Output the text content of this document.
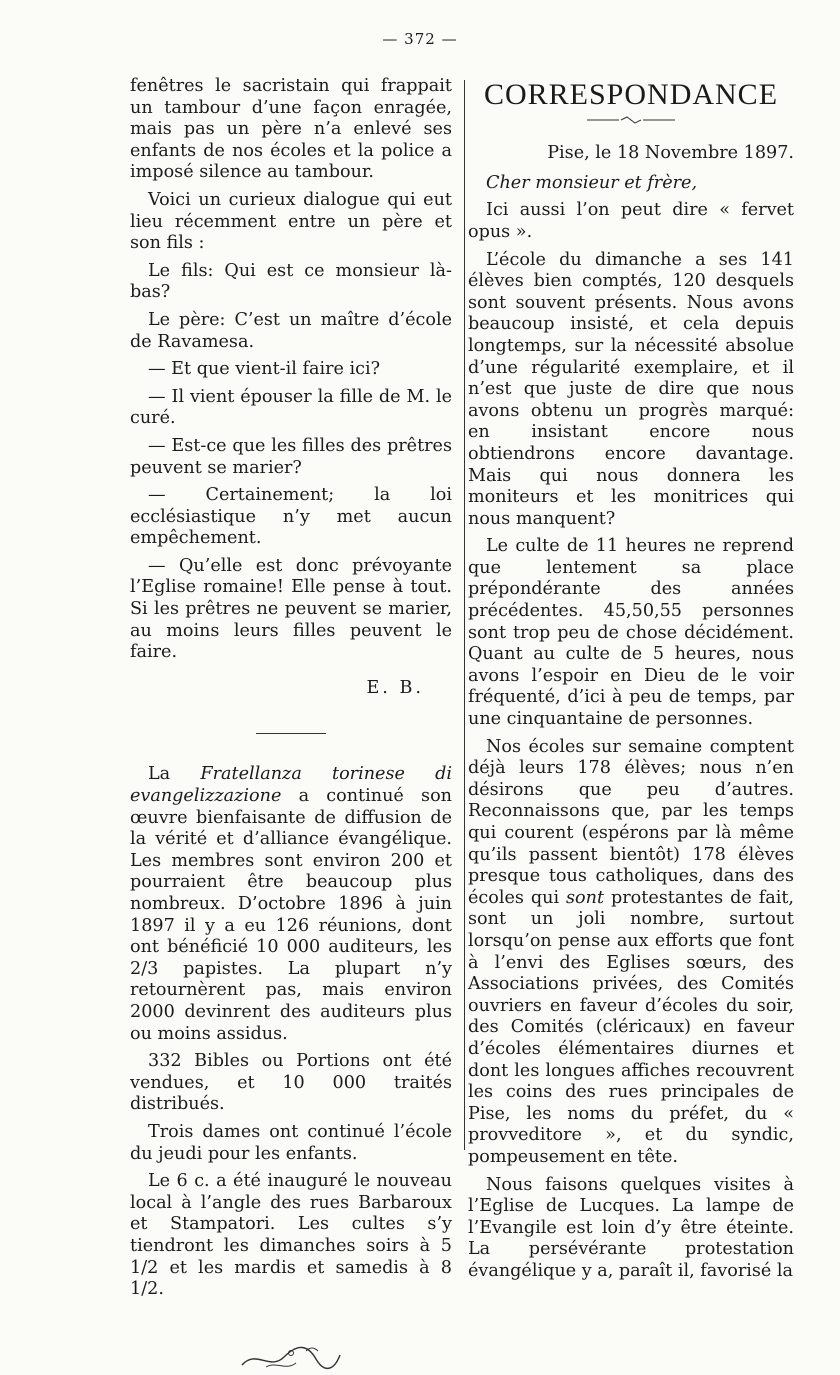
— 372 —

fenêtres le sacristain qui frappait un tambour d’une façon enragée, mais pas un père n’a enlevé ses enfants de nos écoles et la police a imposé silence au tambour.

Voici un curieux dialogue qui eut lieu récemment entre un père et son fils :

Le fils: Qui est ce monsieur là-bas?

Le père: C’est un maître d’école de Ravamesa.

— Et que vient-il faire ici?

— Il vient épouser la fille de M. le curé.

— Est-ce que les filles des prêtres peuvent se marier?

— Certainement; la loi ecclésiastique n’y met aucun empêchement.

— Qu’elle est donc prévoyante l’Eglise romaine! Elle pense à tout. Si les prêtres ne peuvent se marier, au moins leurs filles peuvent le faire.

E. B.

La Fratellanza torinese di evangelizzazione a continué son œuvre bienfaisante de diffusion de la vérité et d’alliance évangélique. Les membres sont environ 200 et pourraient être beaucoup plus nombreux. D’octobre 1896 à juin 1897 il y a eu 126 réunions, dont ont bénéficié 10 000 auditeurs, les 2/3 papistes. La plupart n’y retournèrent pas, mais environ 2000 devinrent des auditeurs plus ou moins assidus.

332 Bibles ou Portions ont été vendues, et 10 000 traités distribués.

Trois dames ont continué l’école du jeudi pour les enfants.

Le 6 c. a été inauguré le nouveau local à l’angle des rues Barbaroux et Stampatori. Les cultes s’y tiendront les dimanches soirs à 5 1/2 et les mardis et samedis à 8 1/2.

CORRESPONDANCE
Pise, le 18 Novembre 1897.
Cher monsieur et frère,

Ici aussi l’on peut dire « fervet opus ».

L’école du dimanche a ses 141 élèves bien comptés, 120 desquels sont souvent présents. Nous avons beaucoup insisté, et cela depuis longtemps, sur la nécessité absolue d’une régularité exemplaire, et il n’est que juste de dire que nous avons obtenu un progrès marqué: en insistant encore nous obtiendrons encore davantage. Mais qui nous donnera les moniteurs et les monitrices qui nous manquent?

Le culte de 11 heures ne reprend que lentement sa place prépondérante des années précédentes. 45,50,55 personnes sont trop peu de chose décidément. Quant au culte de 5 heures, nous avons l’espoir en Dieu de le voir fréquenté, d’ici à peu de temps, par une cinquantaine de personnes.

Nos écoles sur semaine comptent déjà leurs 178 élèves; nous n’en désirons que peu d’autres. Reconnaissons que, par les temps qui courent (espérons par là même qu’ils passent bientôt) 178 élèves presque tous catholiques, dans des écoles qui sont protestantes de fait, sont un joli nombre, surtout lorsqu’on pense aux efforts que font à l’envi des Eglises sœurs, des Associations privées, des Comités ouvriers en faveur d’écoles du soir, des Comités (cléricaux) en faveur d’écoles élémentaires diurnes et dont les longues affiches recouvrent les coins des rues principales de Pise, les noms du préfet, du « provveditore », et du syndic, pompeusement en tête.

Nous faisons quelques visites à l’Eglise de Lucques. La lampe de l’Evangile est loin d’y être éteinte. La persévérante protestation évangélique y a, paraît il, favorisé la
